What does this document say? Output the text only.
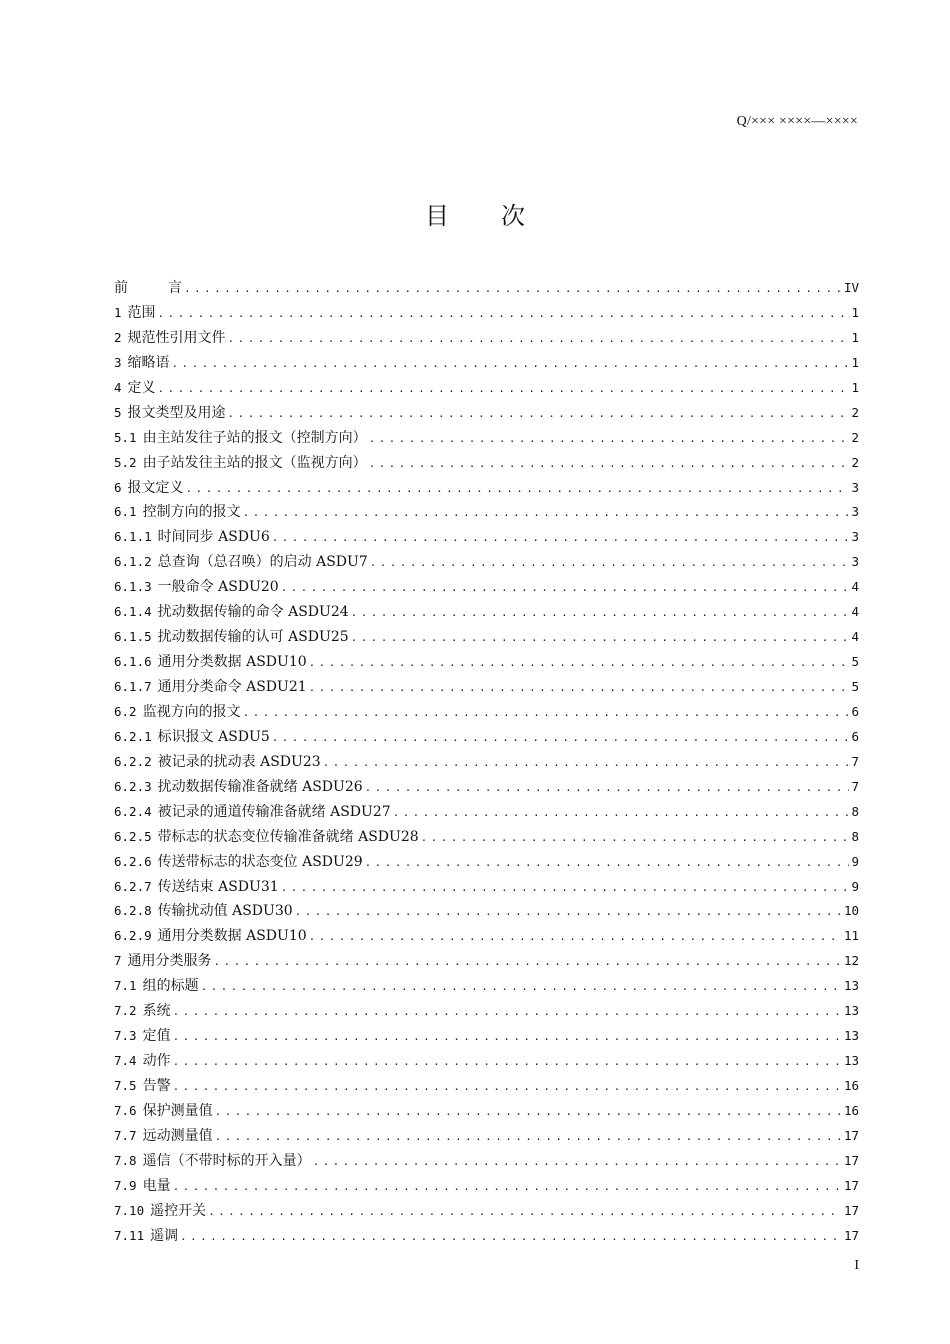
Q/××× ××××—××××
目 次
前	言 .....	IV
1 范围 .....	1
2 规范性引用文件 .....	1
3 缩略语 .....	1
4 定义 .....	1
5 报文类型及用途 .....	2
5.1 由主站发往子站的报文（控制方向） .....	2
5.2 由子站发往主站的报文（监视方向） .....	2
6 报文定义 .....	3
6.1 控制方向的报文 .....	3
6.1.1 时间同步 ASDU6 .....	3
6.1.2 总查询（总召唤）的启动 ASDU7 .....	3
6.1.3 一般命令 ASDU20 .....	4
6.1.4 扰动数据传输的命令 ASDU24 .....	4
6.1.5 扰动数据传输的认可 ASDU25 .....	4
6.1.6 通用分类数据 ASDU10 .....	5
6.1.7 通用分类命令 ASDU21 .....	5
6.2 监视方向的报文 .....	6
6.2.1 标识报文 ASDU5 .....	6
6.2.2 被记录的扰动表 ASDU23 .....	7
6.2.3 扰动数据传输准备就绪 ASDU26 .....	7
6.2.4 被记录的通道传输准备就绪 ASDU27 .....	8
6.2.5 带标志的状态变位传输准备就绪 ASDU28 .....	8
6.2.6 传送带标志的状态变位 ASDU29 .....	9
6.2.7 传送结束 ASDU31 .....	9
6.2.8 传输扰动值 ASDU30 .....	10
6.2.9 通用分类数据 ASDU10 .....	11
7 通用分类服务 .....	12
7.1 组的标题 .....	13
7.2 系统 .....	13
7.3 定值 .....	13
7.4 动作 .....	13
7.5 告警 .....	16
7.6 保护测量值 .....	16
7.7 远动测量值 .....	17
7.8 遥信（不带时标的开入量） .....	17
7.9 电量 .....	17
7.10 遥控开关 .....	17
7.11 遥调 .....	17
I
